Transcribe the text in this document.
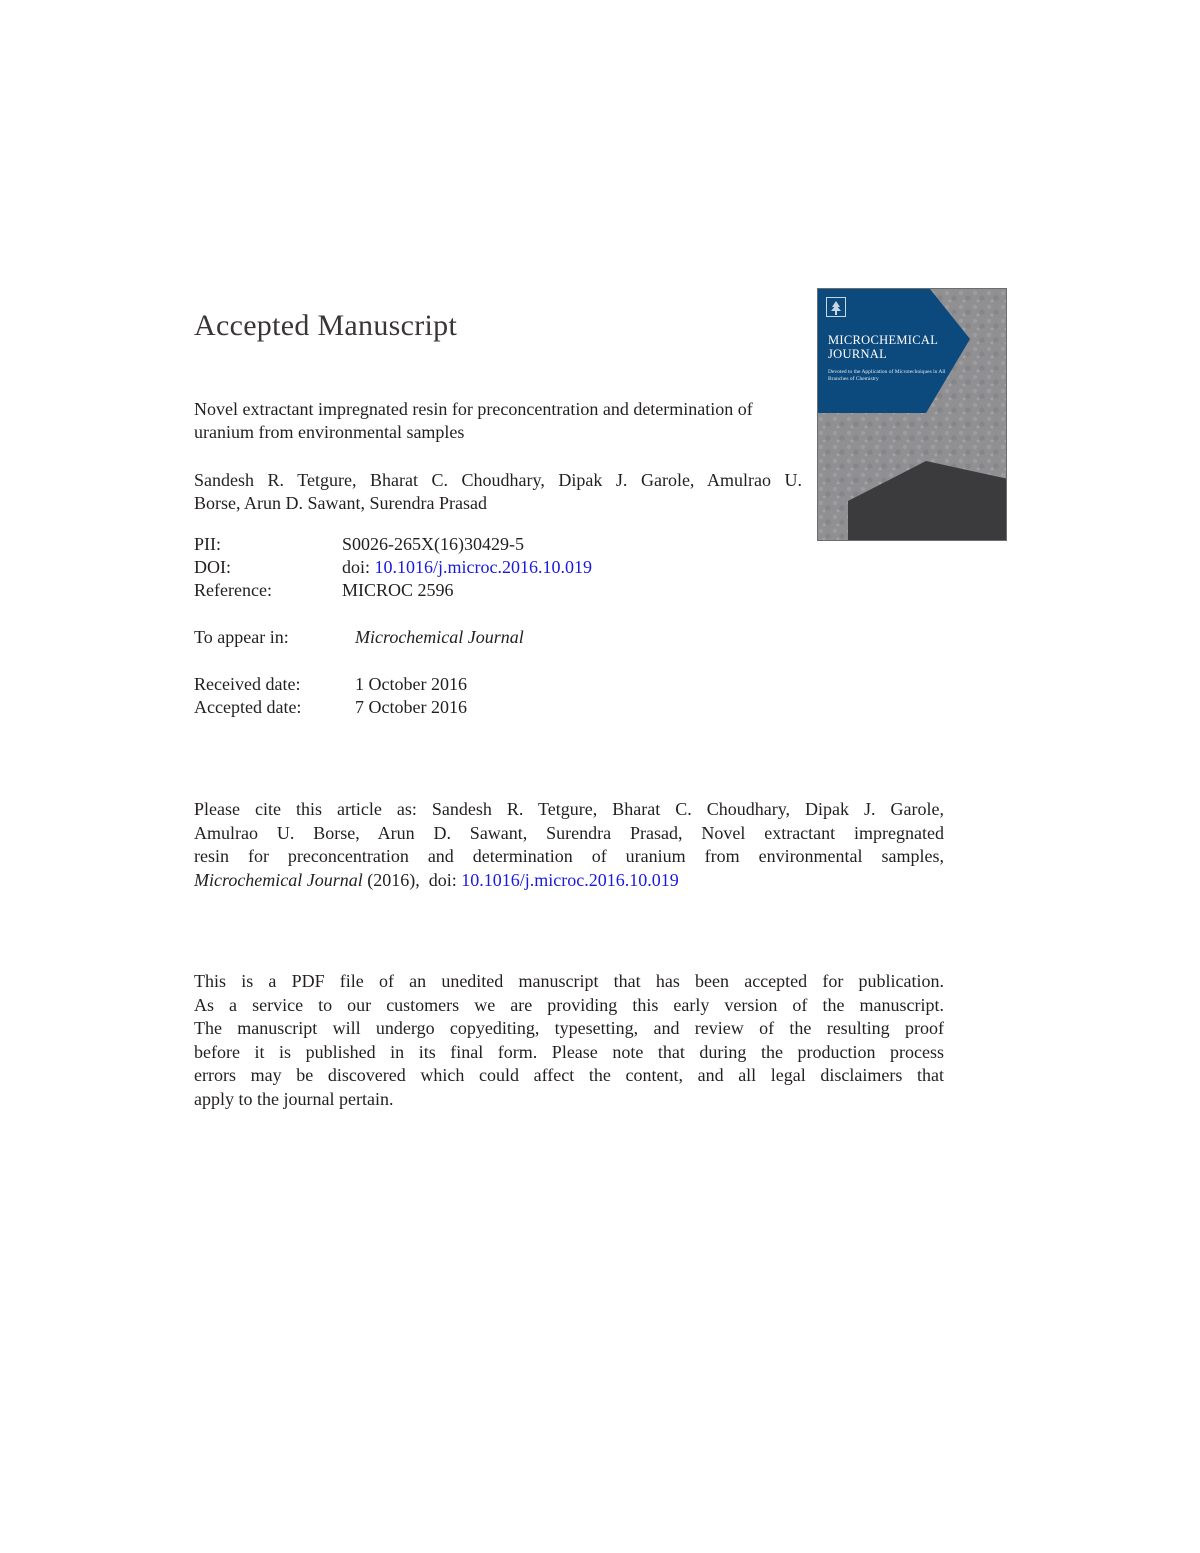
Accepted Manuscript

Novel extractant impregnated resin for preconcentration and determination of uranium from environmental samples

Sandesh R. Tetgure, Bharat C. Choudhary, Dipak J. Garole, Amulrao U.
Borse, Arun D. Sawant, Surendra Prasad

PII:	S0026-265X(16)30429-5
DOI:	doi: 10.1016/j.microc.2016.10.019
Reference:	MICROC 2596
To appear in:	Microchemical Journal
Received date:	1 October 2016
Accepted date:	7 October 2016
Please cite this article as: Sandesh R. Tetgure, Bharat C. Choudhary, Dipak J. Garole,
Amulrao U. Borse, Arun D. Sawant, Surendra Prasad, Novel extractant impregnated
resin for preconcentration and determination of uranium from environmental samples,
Microchemical Journal (2016),  doi: 10.1016/j.microc.2016.10.019
This is a PDF file of an unedited manuscript that has been accepted for publication.
As a service to our customers we are providing this early version of the manuscript.
The manuscript will undergo copyediting, typesetting, and review of the resulting proof
before it is published in its final form. Please note that during the production process
errors may be discovered which could affect the content, and all legal disclaimers that
apply to the journal pertain.
MICROCHEMICAL
JOURNAL
Devoted to the Application of Microtechniques in All Branches of Chemistry
